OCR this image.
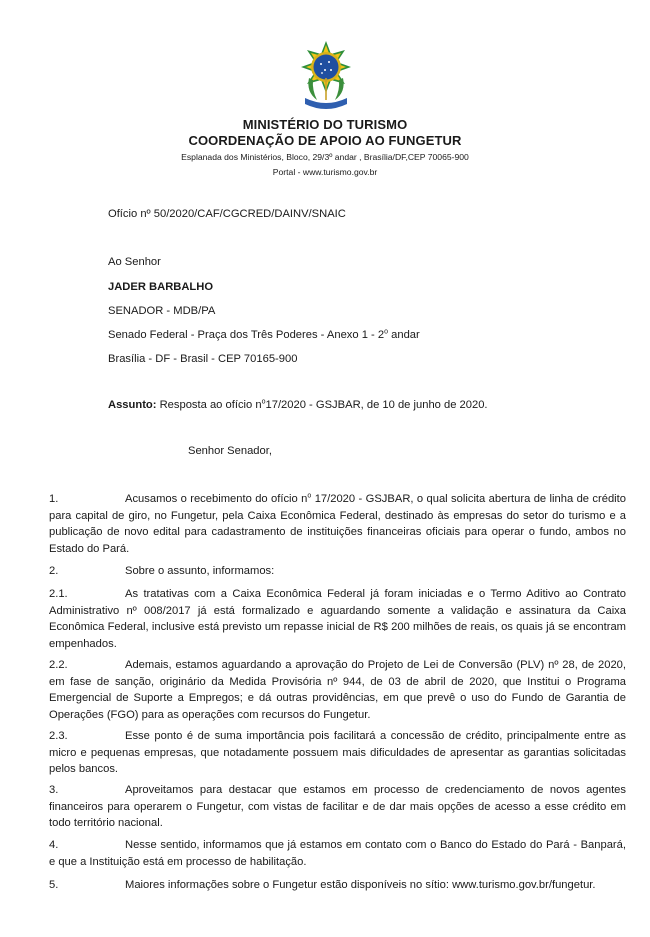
MINISTÉRIO DO TURISMO
COORDENAÇÃO DE APOIO AO FUNGETUR
Esplanada dos Ministérios, Bloco, 29/3º andar , Brasília/DF,CEP 70065-900
Portal - www.turismo.gov.br
Ofício nº 50/2020/CAF/CGCRED/DAINV/SNAIC
Ao Senhor
JADER BARBALHO
SENADOR - MDB/PA
Senado Federal - Praça dos Três Poderes - Anexo 1 - 2$^o$ andar
Brasília - DF - Brasil - CEP 70165-900
Assunto: Resposta ao ofício $n^o17/2020$ - GSJBAR, de 10 de junho de 2020.
Senhor Senador,
1.	Acusamos o recebimento do ofício $n^o$ 17/2020 - GSJBAR, o qual solicita abertura de linha de crédito para capital de giro, no Fungetur, pela Caixa Econômica Federal, destinado às empresas do setor do turismo e a publicação de novo edital para cadastramento de instituições financeiras oficiais para operar o fundo, ambos no Estado do Pará.
2.	Sobre o assunto, informamos:
2.1.	As tratativas com a Caixa Econômica Federal já foram iniciadas e o Termo Aditivo ao Contrato Administrativo nº 008/2017 já está formalizado e aguardando somente a validação e assinatura da Caixa Econômica Federal, inclusive está previsto um repasse inicial de R$ 200 milhões de reais, os quais já se encontram empenhados.
2.2.	Ademais, estamos aguardando a aprovação do Projeto de Lei de Conversão (PLV) nº 28, de 2020, em fase de sanção, originário da Medida Provisória nº 944, de 03 de abril de 2020, que Institui o Programa Emergencial de Suporte a Empregos; e dá outras providências, em que prevê o uso do Fundo de Garantia de Operações (FGO) para as operações com recursos do Fungetur.
2.3.	Esse ponto é de suma importância pois facilitará a concessão de crédito, principalmente entre as micro e pequenas empresas, que notadamente possuem mais dificuldades de apresentar as garantias solicitadas pelos bancos.
3.	Aproveitamos para destacar que estamos em processo de credenciamento de novos agentes financeiros para operarem o Fungetur, com vistas de facilitar e de dar mais opções de acesso a esse crédito em todo território nacional.
4.	Nesse sentido, informamos que já estamos em contato com o Banco do Estado do Pará - Banpará, e que a Instituição está em processo de habilitação.
5.	Maiores informações sobre o Fungetur estão disponíveis no sítio: www.turismo.gov.br/fungetur.
